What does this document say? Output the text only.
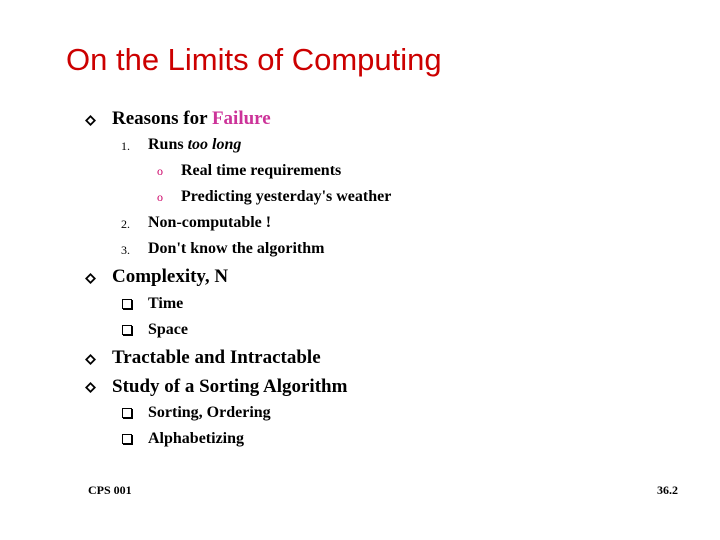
On the Limits of Computing
Reasons for Failure
1. Runs too long
o Real time requirements
o Predicting yesterday's weather
2. Non-computable !
3. Don't know the algorithm
Complexity, N
Time
Space
Tractable and Intractable
Study of a Sorting Algorithm
Sorting, Ordering
Alphabetizing
CPS 001	36.2
